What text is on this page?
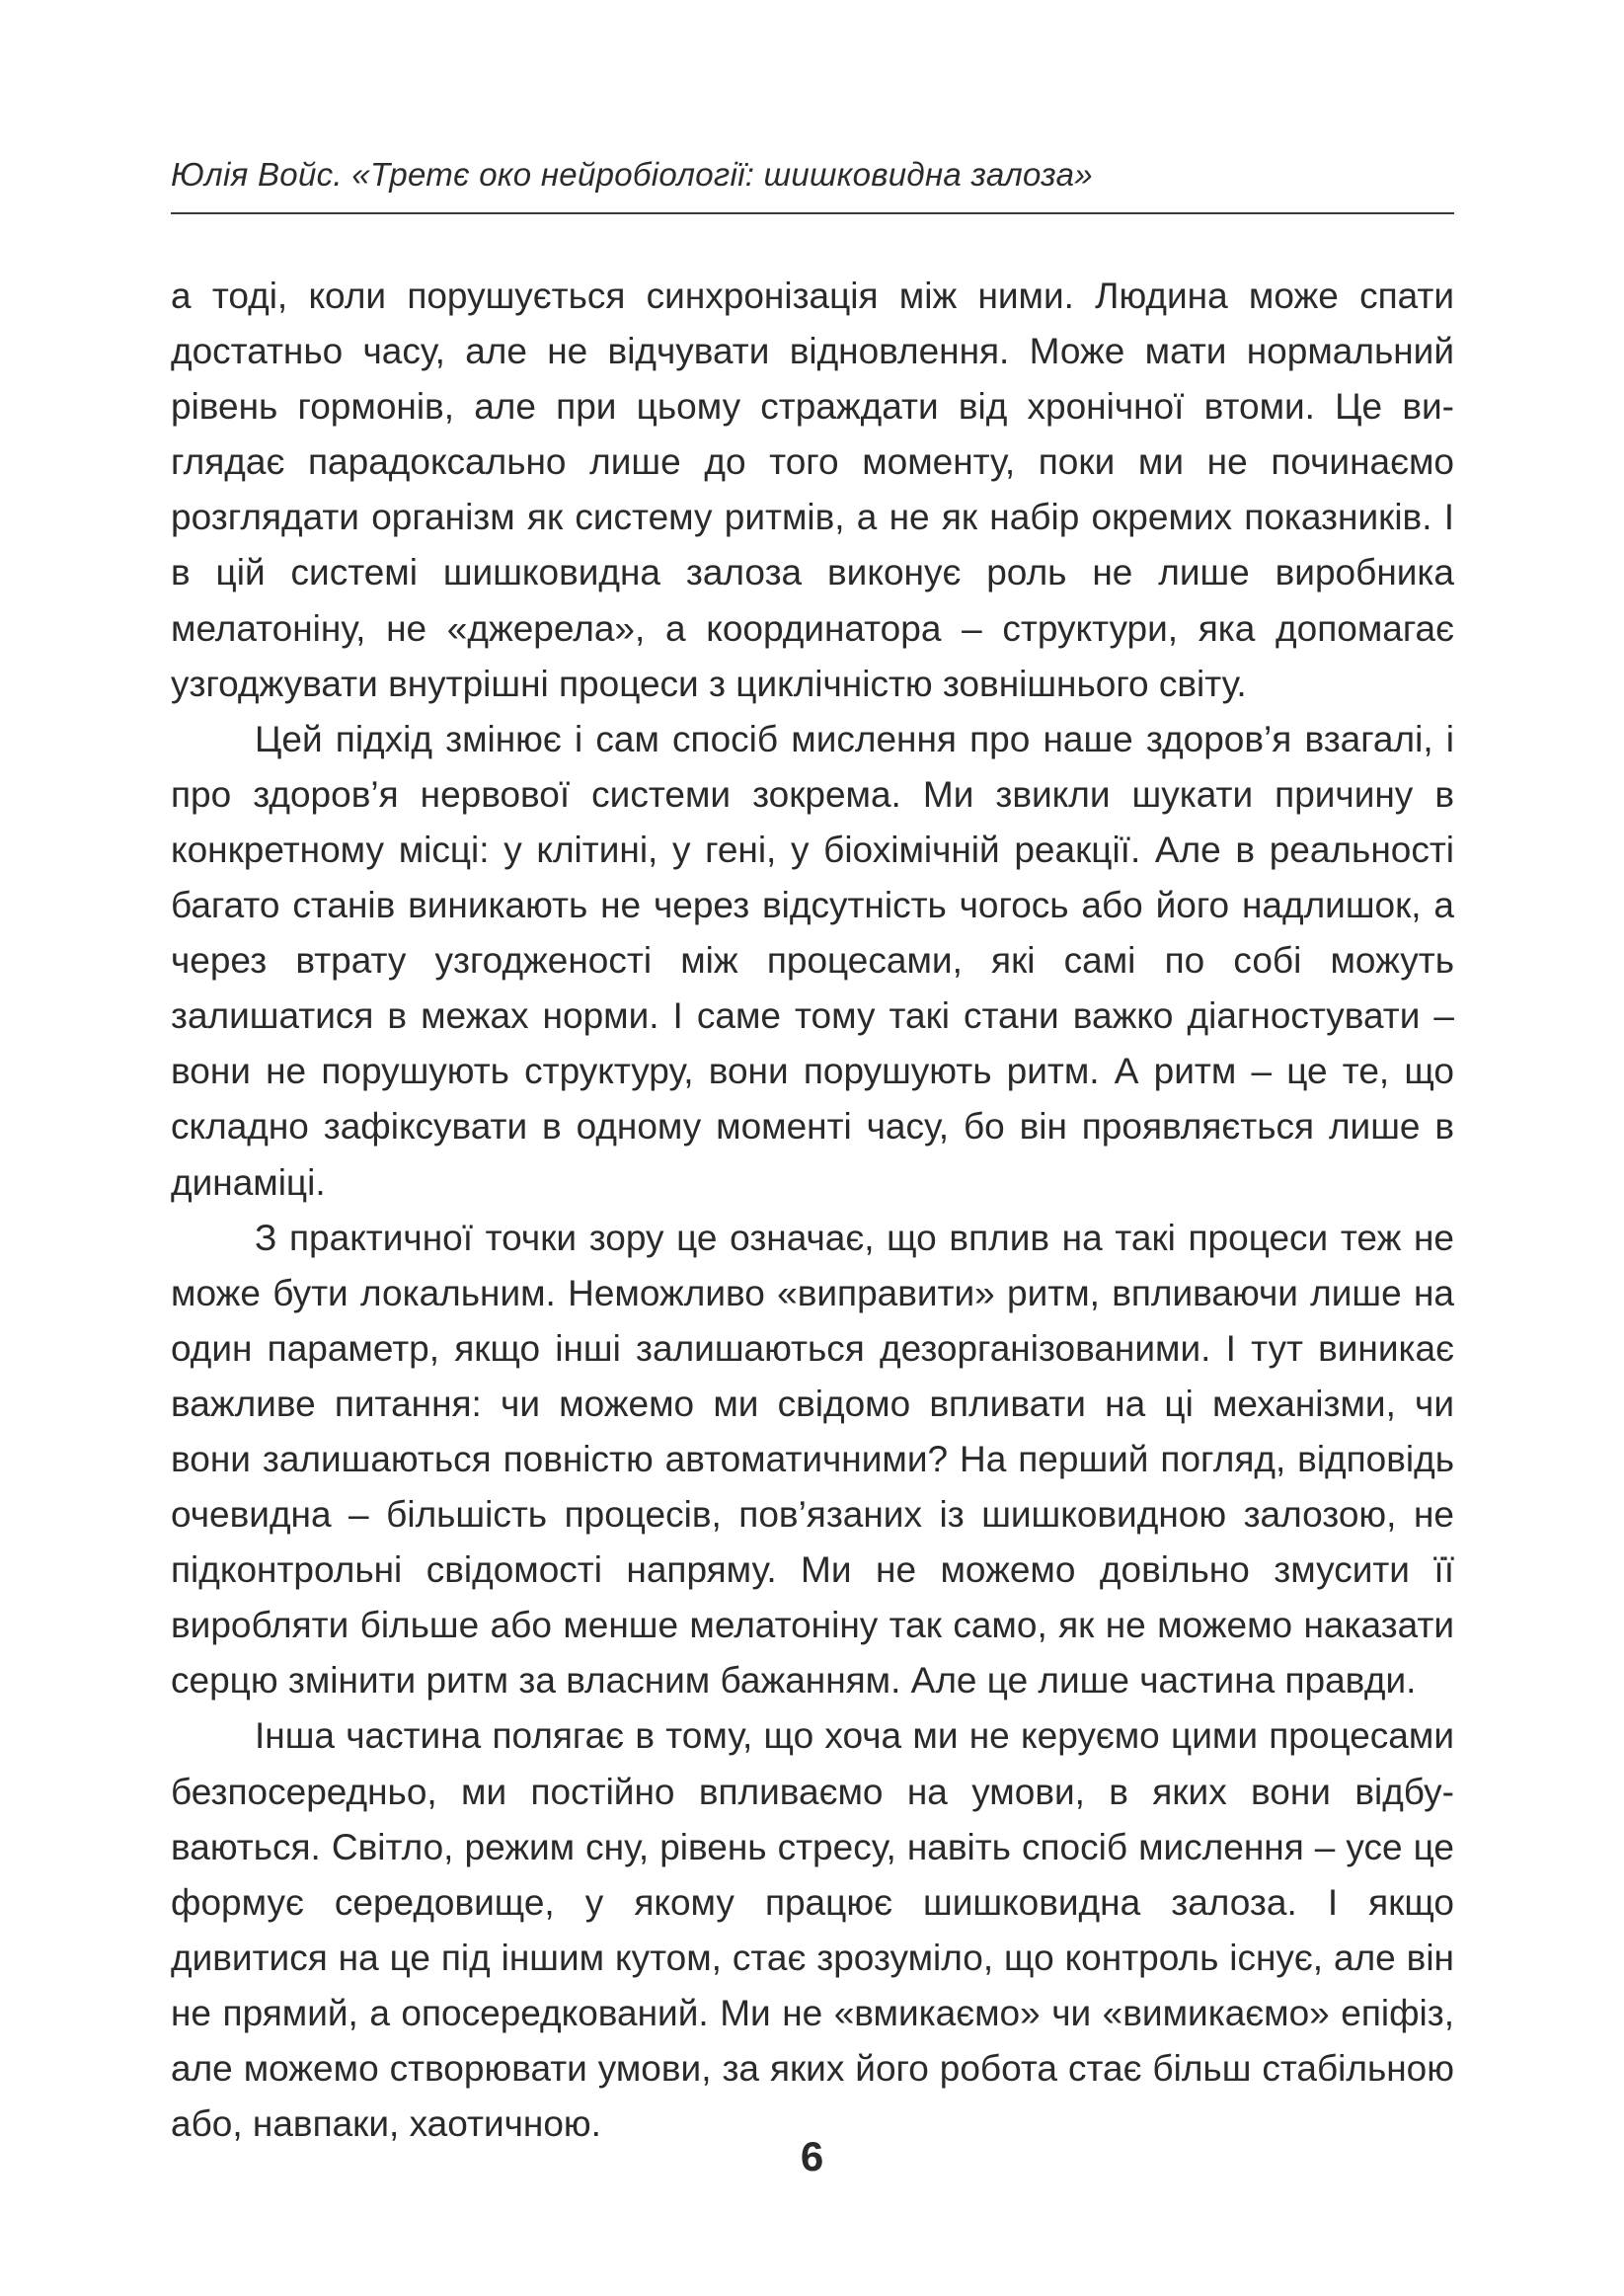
Юлія Войс. «Третє око нейробіології: шишковидна залоза»

а тоді, коли порушується синхронізація між ними. Людина може спати достатньо часу, але не відчувати відновлення. Може мати нормальний рівень гормонів, але при цьому страждати від хронічної втоми. Це виглядає парадоксально лише до того моменту, поки ми не починаємо розглядати організм як систему ритмів, а не як набір окремих показників. І в цій системі шишковидна залоза виконує роль не лише виробника мелатоніну, не «джерела», а координатора – структури, яка допомагає узгоджувати внутрішні процеси з циклічністю зовнішнього світу.

Цей підхід змінює і сам спосіб мислення про наше здоров’я взагалі, і про здоров’я нервової системи зокрема. Ми звикли шукати причину в конкретному місці: у клітині, у гені, у біохімічній реакції. Але в реальності багато станів виникають не через відсутність чогось або його надлишок, а через втрату узгодженості між процесами, які самі по собі можуть залишатися в межах норми. І саме тому такі стани важко діагностувати – вони не порушують структуру, вони порушують ритм. А ритм – це те, що складно зафіксувати в одному моменті часу, бо він проявляється лише в динаміці.

З практичної точки зору це означає, що вплив на такі процеси теж не може бути локальним. Неможливо «виправити» ритм, впливаючи лише на один параметр, якщо інші залишаються дезорганізованими. І тут виникає важливе питання: чи можемо ми свідомо впливати на ці механізми, чи вони залишаються повністю автоматичними? На перший погляд, відповідь очевидна – більшість процесів, пов’язаних із шишковидною залозою, не підконтрольні свідомості напряму. Ми не можемо довільно змусити її виробляти більше або менше мелатоніну так само, як не можемо наказати серцю змінити ритм за власним бажанням. Але це лише частина правди.

Інша частина полягає в тому, що хоча ми не керуємо цими процесами безпосередньо, ми постійно впливаємо на умови, в яких вони відбуваються. Світло, режим сну, рівень стресу, навіть спосіб мислення – усе це формує середовище, у якому працює шишковидна залоза. І якщо дивитися на це під іншим кутом, стає зрозуміло, що контроль існує, але він не прямий, а опосередкований. Ми не «вмикаємо» чи «вимикаємо» епіфіз, але можемо створювати умови, за яких його робота стає більш стабільною або, навпаки, хаотичною.

6
